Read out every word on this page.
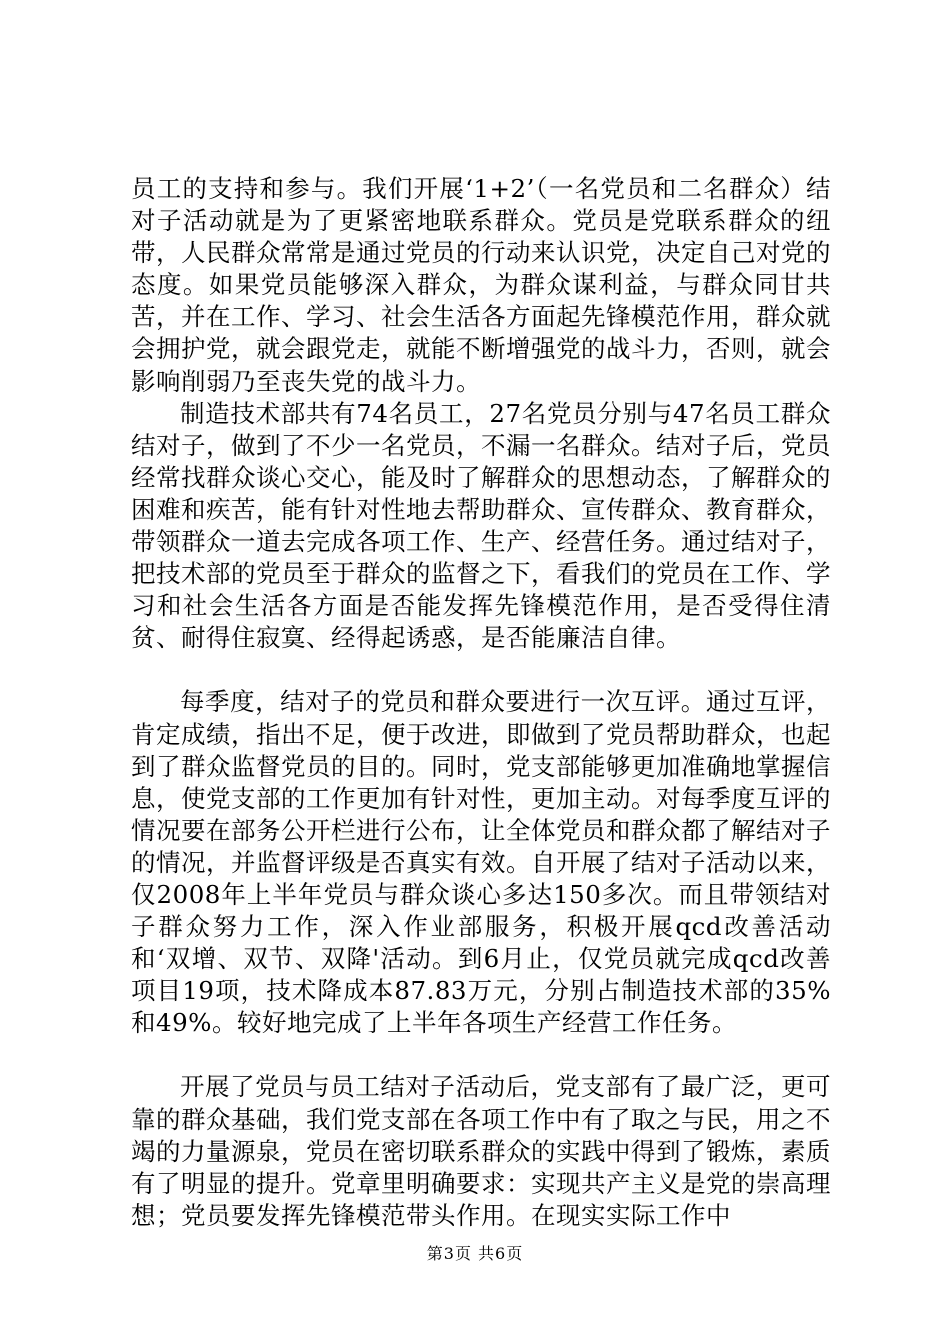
员工的支持和参与。我们开展‘1+2’（一名党员和二名群众）结对子活动就是为了更紧密地联系群众。党员是党联系群众的纽带，人民群众常常是通过党员的行动来认识党，决定自己对党的态度。如果党员能够深入群众，为群众谋利益，与群众同甘共苦，并在工作、学习、社会生活各方面起先锋模范作用，群众就会拥护党，就会跟党走，就能不断增强党的战斗力，否则，就会影响削弱乃至丧失党的战斗力。

制造技术部共有74名员工，27名党员分别与47名员工群众结对子，做到了不少一名党员，不漏一名群众。结对子后，党员经常找群众谈心交心，能及时了解群众的思想动态，了解群众的困难和疾苦，能有针对性地去帮助群众、宣传群众、教育群众，带领群众一道去完成各项工作、生产、经营任务。通过结对子，把技术部的党员至于群众的监督之下，看我们的党员在工作、学习和社会生活各方面是否能发挥先锋模范作用，是否受得住清贫、耐得住寂寞、经得起诱惑，是否能廉洁自律。

每季度，结对子的党员和群众要进行一次互评。通过互评，肯定成绩，指出不足，便于改进，即做到了党员帮助群众，也起到了群众监督党员的目的。同时，党支部能够更加准确地掌握信息，使党支部的工作更加有针对性，更加主动。对每季度互评的情况要在部务公开栏进行公布，让全体党员和群众都了解结对子的情况，并监督评级是否真实有效。自开展了结对子活动以来，仅2008年上半年党员与群众谈心多达150多次。而且带领结对子群众努力工作，深入作业部服务，积极开展qcd改善活动和‘双增、双节、双降'活动。到6月止，仅党员就完成qcd改善项目19项，技术降成本87.83万元，分别占制造技术部的35%和49%。较好地完成了上半年各项生产经营工作任务。

开展了党员与员工结对子活动后，党支部有了最广泛，更可靠的群众基础，我们党支部在各项工作中有了取之与民，用之不竭的力量源泉，党员在密切联系群众的实践中得到了锻炼，素质有了明显的提升。党章里明确要求：实现共产主义是党的崇高理想；党员要发挥先锋模范带头作用。在现实实际工作中

第3页 共6页
